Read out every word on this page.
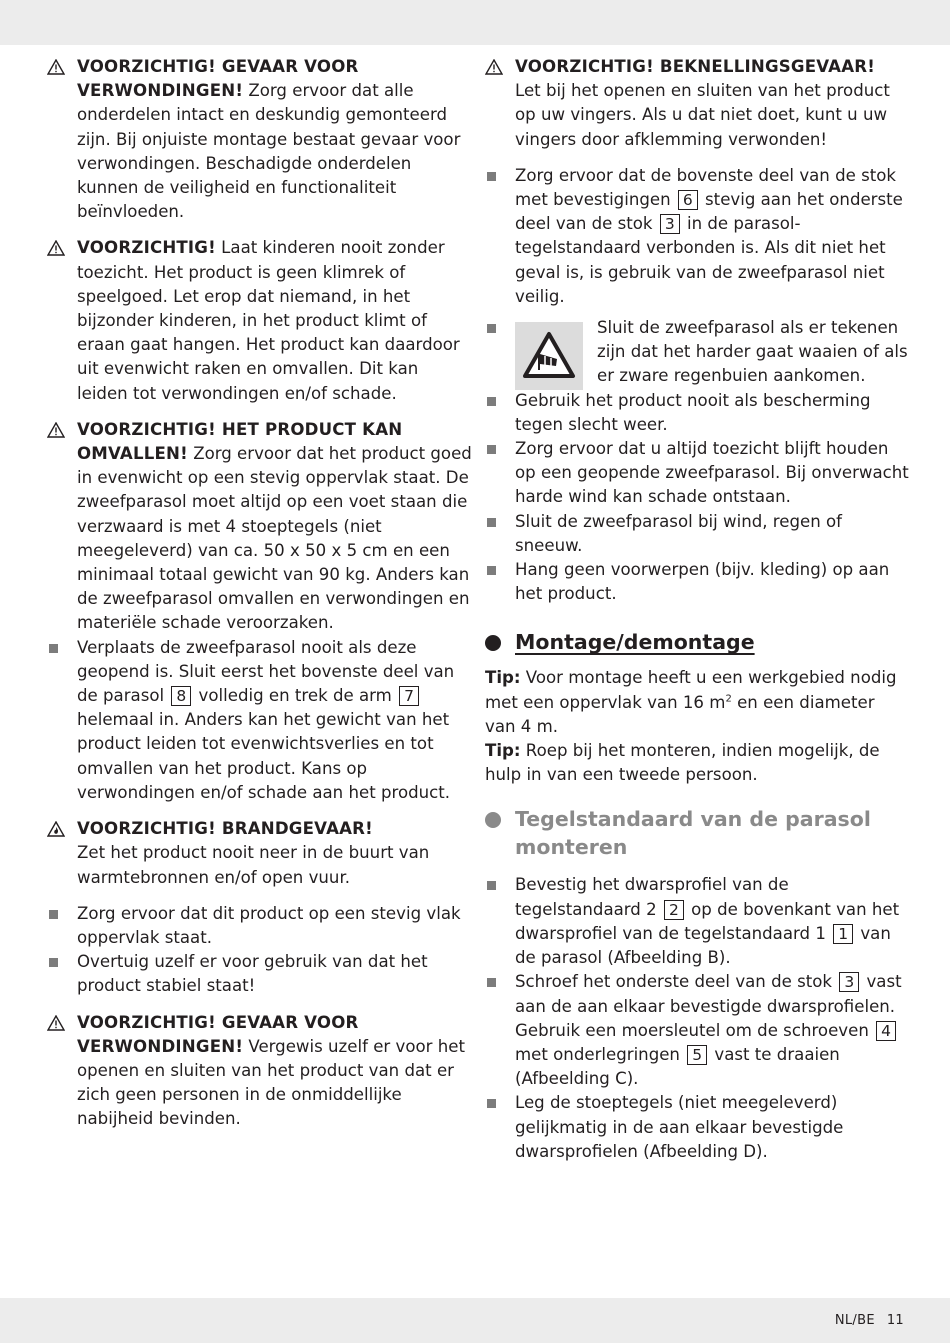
VOORZICHTIG! GEVAAR VOOR VERWONDINGEN! Zorg ervoor dat alle onderdelen intact en deskundig gemonteerd zijn. Bij onjuiste montage bestaat gevaar voor verwondingen. Beschadigde onderdelen kunnen de veiligheid en functionaliteit beïnvloeden.

VOORZICHTIG! Laat kinderen nooit zonder toezicht. Het product is geen klimrek of speelgoed. Let erop dat niemand, in het bijzonder kinderen, in het product klimt of eraan gaat hangen. Het product kan daardoor uit evenwicht raken en omvallen. Dit kan leiden tot verwondingen en/of schade.

VOORZICHTIG! HET PRODUCT KAN OMVALLEN! Zorg ervoor dat het product goed in evenwicht op een stevig oppervlak staat. De zweefparasol moet altijd op een voet staan die verzwaard is met 4 stoeptegels (niet meegeleverd) van ca. 50 x 50 x 5 cm en een minimaal totaal gewicht van 90 kg. Anders kan de zweefparasol omvallen en verwondingen en materiële schade veroorzaken.

Verplaats de zweefparasol nooit als deze geopend is. Sluit eerst het bovenste deel van de parasol 8 volledig en trek de arm 7 helemaal in. Anders kan het gewicht van het product leiden tot evenwichtsverlies en tot omvallen van het product. Kans op verwondingen en/of schade aan het product.

VOORZICHTIG! BRANDGEVAAR!
Zet het product nooit neer in de buurt van warmtebronnen en/of open vuur.

Zorg ervoor dat dit product op een stevig vlak oppervlak staat.

Overtuig uzelf er voor gebruik van dat het product stabiel staat!

VOORZICHTIG! GEVAAR VOOR VERWONDINGEN! Vergewis uzelf er voor het openen en sluiten van het product van dat er zich geen personen in de onmiddellijke nabijheid bevinden.

VOORZICHTIG! BEKNELLINGSGEVAAR!
Let bij het openen en sluiten van het product op uw vingers. Als u dat niet doet, kunt u uw vingers door afklemming verwonden!

Zorg ervoor dat de bovenste deel van de stok met bevestigingen 6 stevig aan het onderste deel van de stok 3 in de parasol-tegelstandaard verbonden is. Als dit niet het geval is, is gebruik van de zweefparasol niet veilig.

Sluit de zweefparasol als er tekenen zijn dat het harder gaat waaien of als er zware regenbuien aankomen.

Gebruik het product nooit als bescherming tegen slecht weer.

Zorg ervoor dat u altijd toezicht blijft houden op een geopende zweefparasol. Bij onverwacht harde wind kan schade ontstaan.

Sluit de zweefparasol bij wind, regen of sneeuw.

Hang geen voorwerpen (bijv. kleding) op aan het product.

Montage/demontage

Tip: Voor montage heeft u een werkgebied nodig met een oppervlak van 16 $m^2$ en een diameter van 4 m.

Tip: Roep bij het monteren, indien mogelijk, de hulp in van een tweede persoon.

Tegelstandaard van de parasol monteren

Bevestig het dwarsprofiel van de tegelstandaard 2 2 op de bovenkant van het dwarsprofiel van de tegelstandaard 1 1 van de parasol (Afbeelding B).

Schroef het onderste deel van de stok 3 vast aan de aan elkaar bevestigde dwarsprofielen. Gebruik een moersleutel om de schroeven 4 met onderlegringen 5 vast te draaien (Afbeelding C).

Leg de stoeptegels (niet meegeleverd) gelijkmatig in de aan elkaar bevestigde dwarsprofielen (Afbeelding D).

NL/BE 11
